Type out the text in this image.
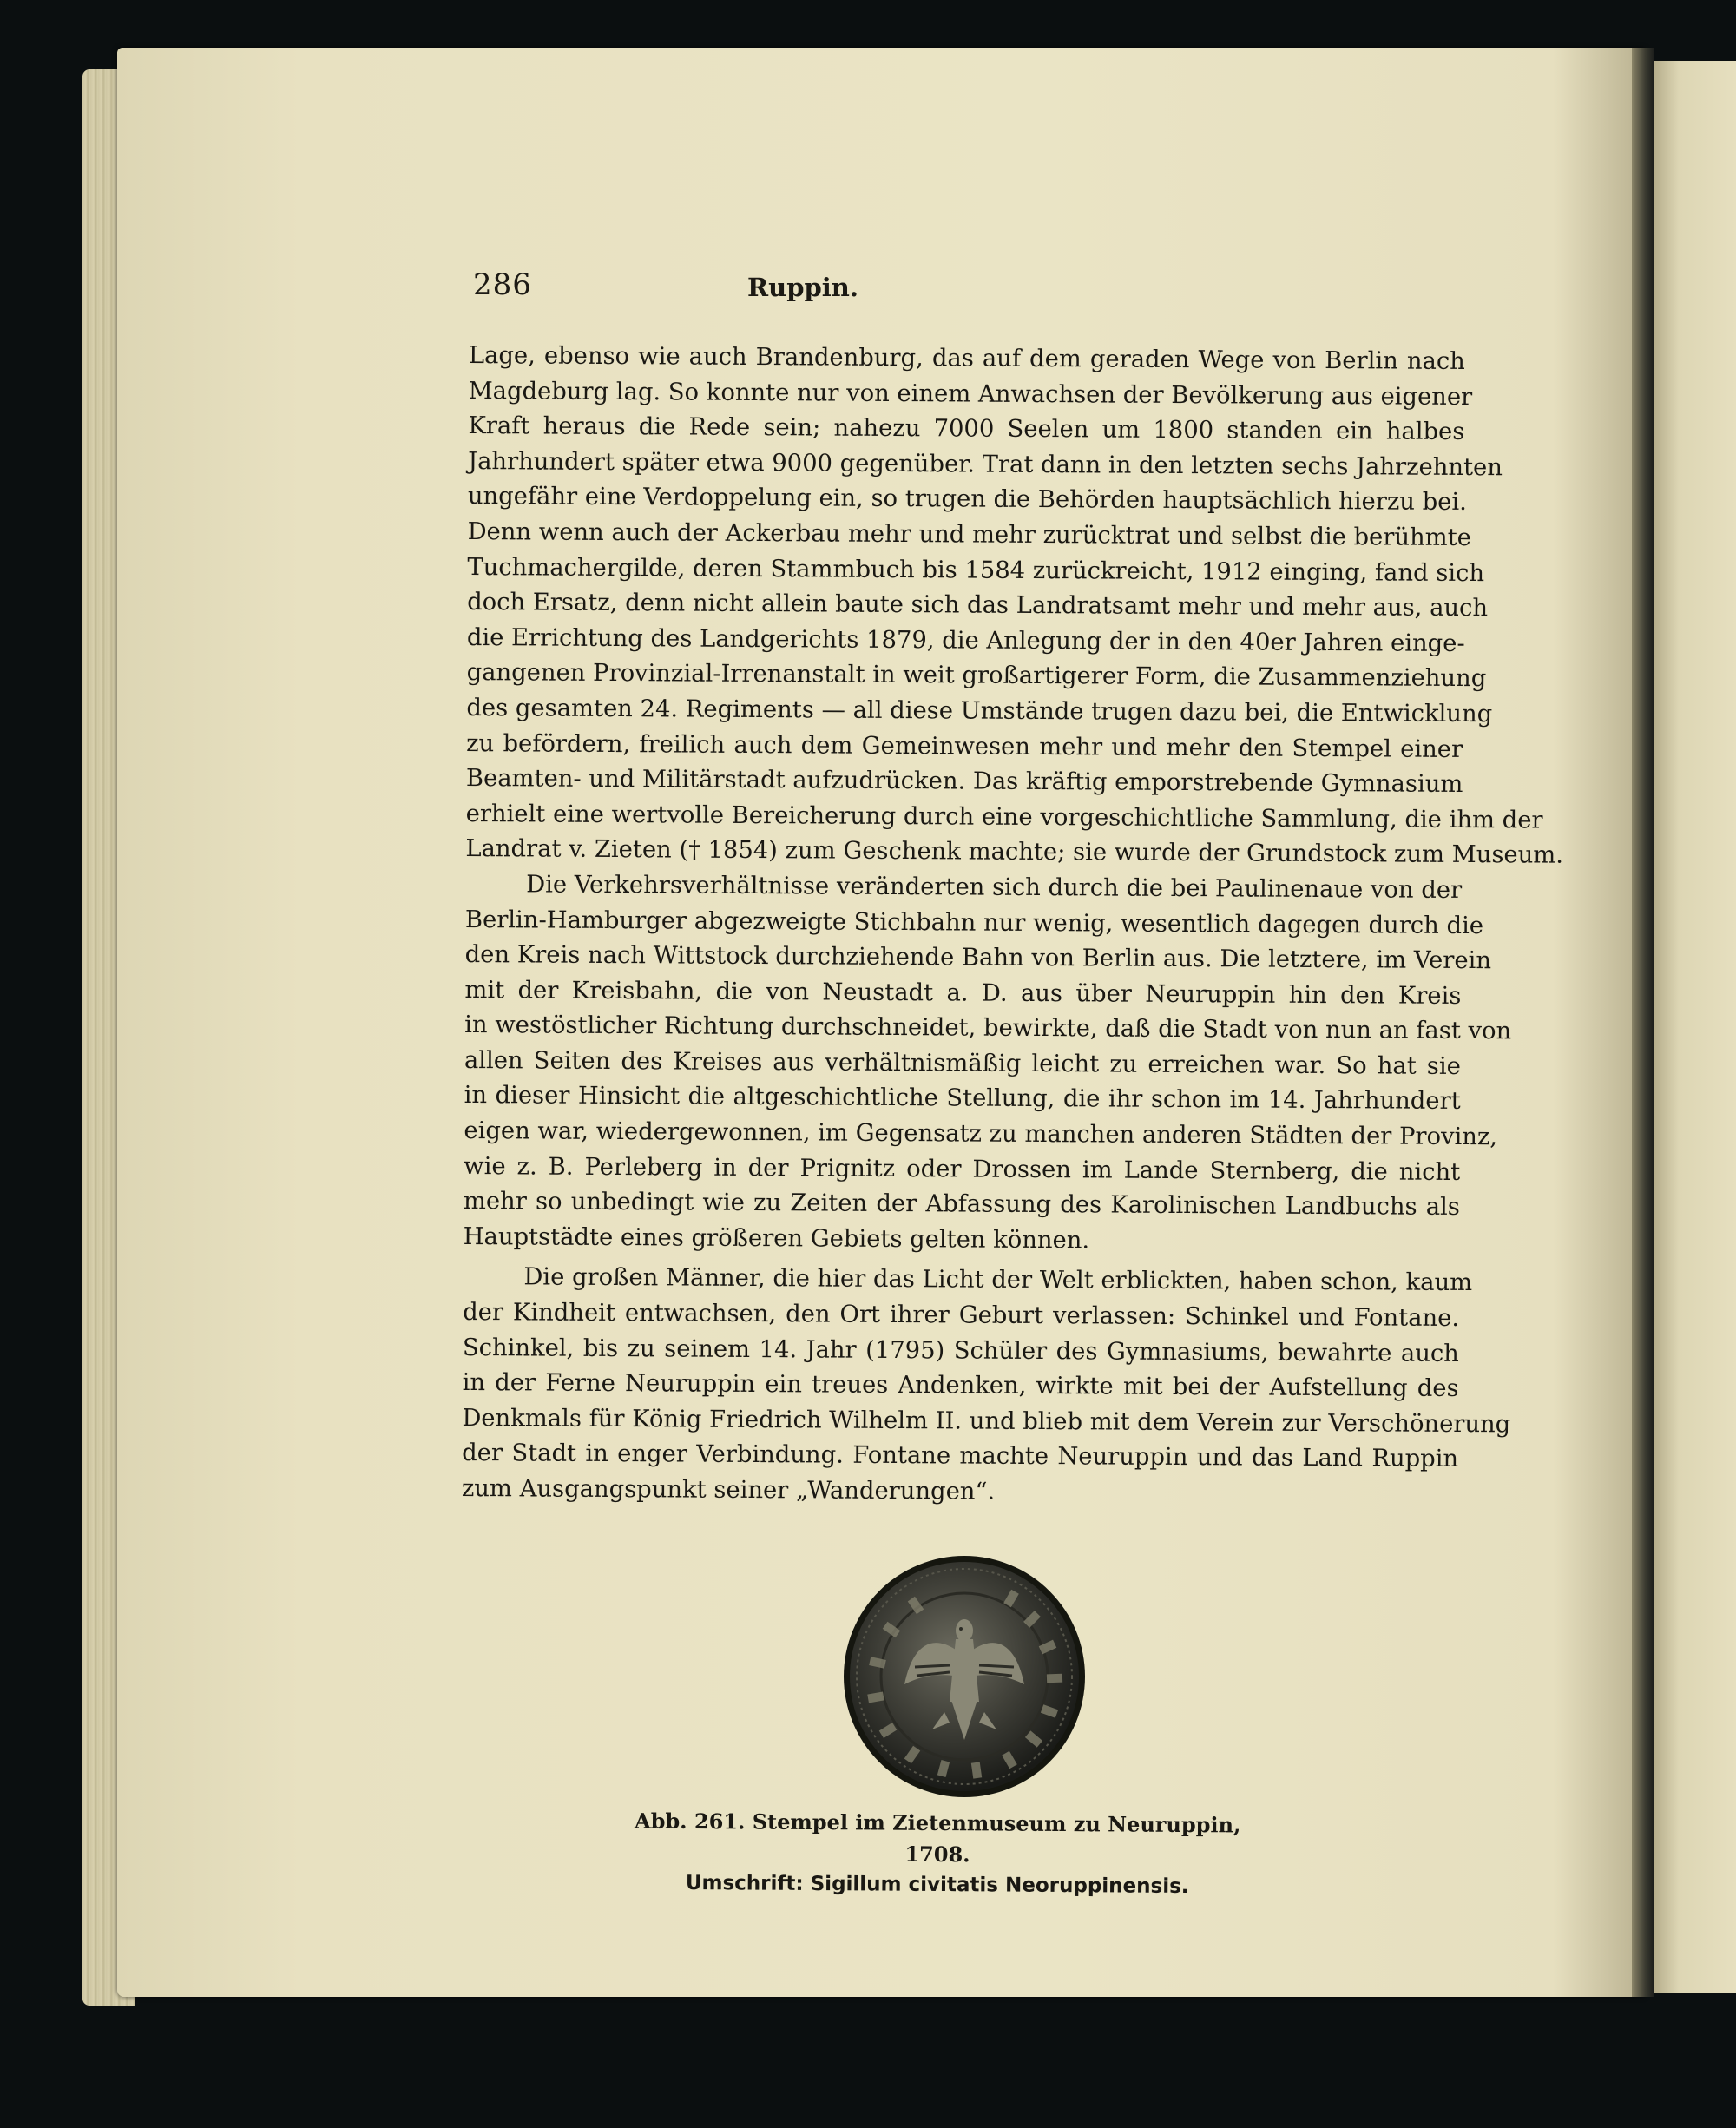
286	Ruppin.
Lage, ebenso wie auch Brandenburg, das auf dem geraden Wege von Berlin nach
Magdeburg lag. So konnte nur von einem Anwachsen der Bevölkerung aus eigener
Kraft heraus die Rede sein; nahezu 7000 Seelen um 1800 standen ein halbes
Jahrhundert später etwa 9000 gegenüber. Trat dann in den letzten sechs Jahrzehnten
ungefähr eine Verdoppelung ein, so trugen die Behörden hauptsächlich hierzu bei.
Denn wenn auch der Ackerbau mehr und mehr zurücktrat und selbst die berühmte
Tuchmachergilde, deren Stammbuch bis 1584 zurückreicht, 1912 einging, fand sich
doch Ersatz, denn nicht allein baute sich das Landratsamt mehr und mehr aus, auch
die Errichtung des Landgerichts 1879, die Anlegung der in den 40er Jahren einge-
gangenen Provinzial-Irrenanstalt in weit großartigerer Form, die Zusammenziehung
des gesamten 24. Regiments — all diese Umstände trugen dazu bei, die Entwicklung
zu befördern, freilich auch dem Gemeinwesen mehr und mehr den Stempel einer
Beamten- und Militärstadt aufzudrücken. Das kräftig emporstrebende Gymnasium
erhielt eine wertvolle Bereicherung durch eine vorgeschichtliche Sammlung, die ihm der
Landrat v. Zieten († 1854) zum Geschenk machte; sie wurde der Grundstock zum Museum.
Die Verkehrsverhältnisse veränderten sich durch die bei Paulinenaue von der
Berlin-Hamburger abgezweigte Stichbahn nur wenig, wesentlich dagegen durch die
den Kreis nach Wittstock durchziehende Bahn von Berlin aus. Die letztere, im Verein
mit der Kreisbahn, die von Neustadt a. D. aus über Neuruppin hin den Kreis
in westöstlicher Richtung durchschneidet, bewirkte, daß die Stadt von nun an fast von
allen Seiten des Kreises aus verhältnismäßig leicht zu erreichen war. So hat sie
in dieser Hinsicht die altgeschichtliche Stellung, die ihr schon im 14. Jahrhundert
eigen war, wiedergewonnen, im Gegensatz zu manchen anderen Städten der Provinz,
wie z. B. Perleberg in der Prignitz oder Drossen im Lande Sternberg, die nicht
mehr so unbedingt wie zu Zeiten der Abfassung des Karolinischen Landbuchs als
Hauptstädte eines größeren Gebiets gelten können.
Die großen Männer, die hier das Licht der Welt erblickten, haben schon, kaum
der Kindheit entwachsen, den Ort ihrer Geburt verlassen: Schinkel und Fontane.
Schinkel, bis zu seinem 14. Jahr (1795) Schüler des Gymnasiums, bewahrte auch
in der Ferne Neuruppin ein treues Andenken, wirkte mit bei der Aufstellung des
Denkmals für König Friedrich Wilhelm II. und blieb mit dem Verein zur Verschönerung
der Stadt in enger Verbindung. Fontane machte Neuruppin und das Land Ruppin
zum Ausgangspunkt seiner „Wanderungen“.
Abb. 261. Stempel im Zietenmuseum zu Neuruppin, 1708.
Umschrift: Sigillum civitatis Neoruppinensis.
